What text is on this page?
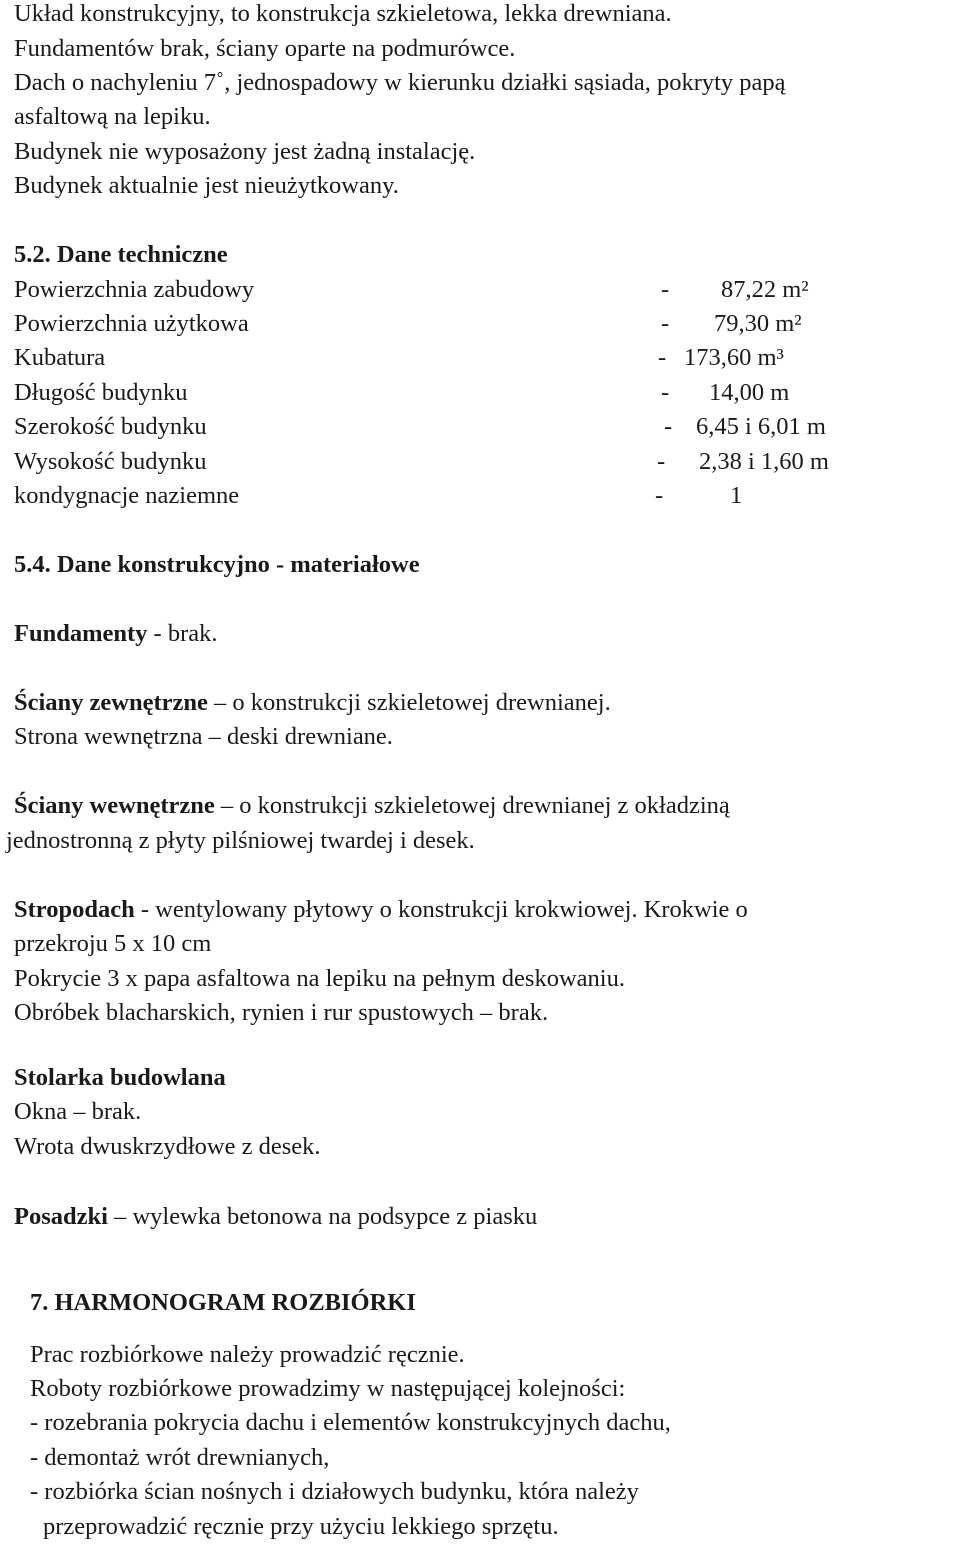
Układ konstrukcyjny, to konstrukcja szkieletowa, lekka drewniana.
Fundamentów brak, ściany oparte na podmurówce.
Dach o nachyleniu 7˚, jednospadowy w kierunku działki sąsiada, pokryty papą
asfaltową na lepiku.
Budynek nie wyposażony jest żadną instalację.
Budynek aktualnie jest nieużytkowany.
5.2. Dane techniczne
Powierzchnia zabudowy	- 87,22 m²
Powierzchnia użytkowa	- 79,30 m²
Kubatura	- 173,60 m³
Długość budynku	- 14,00 m
Szerokość budynku	- 6,45 i 6,01 m
Wysokość budynku	- 2,38 i 1,60 m
kondygnacje naziemne	-	1
5.4. Dane konstrukcyjno - materiałowe
Fundamenty - brak.
Ściany zewnętrzne – o konstrukcji szkieletowej drewnianej.
Strona wewnętrzna – deski drewniane.
Ściany wewnętrzne – o konstrukcji szkieletowej drewnianej z okładziną
jednostronną z płyty pilśniowej twardej i desek.
Stropodach - wentylowany płytowy o konstrukcji krokwiowej. Krokwie o
przekroju 5 x 10 cm
Pokrycie 3 x papa asfaltowa na lepiku na pełnym deskowaniu.
Obróbek blacharskich, rynien i rur spustowych – brak.
Stolarka budowlana
Okna – brak.
Wrota dwuskrzydłowe z desek.
Posadzki – wylewka betonowa na podsypce z piasku
7. HARMONOGRAM ROZBIÓRKI
Prac rozbiórkowe należy prowadzić ręcznie.
Roboty rozbiórkowe prowadzimy w następującej kolejności:
- rozebrania pokrycia dachu i elementów konstrukcyjnych dachu,
- demontaż wrót drewnianych,
- rozbiórka ścian nośnych i działowych budynku, która należy
przeprowadzić ręcznie przy użyciu lekkiego sprzętu.
